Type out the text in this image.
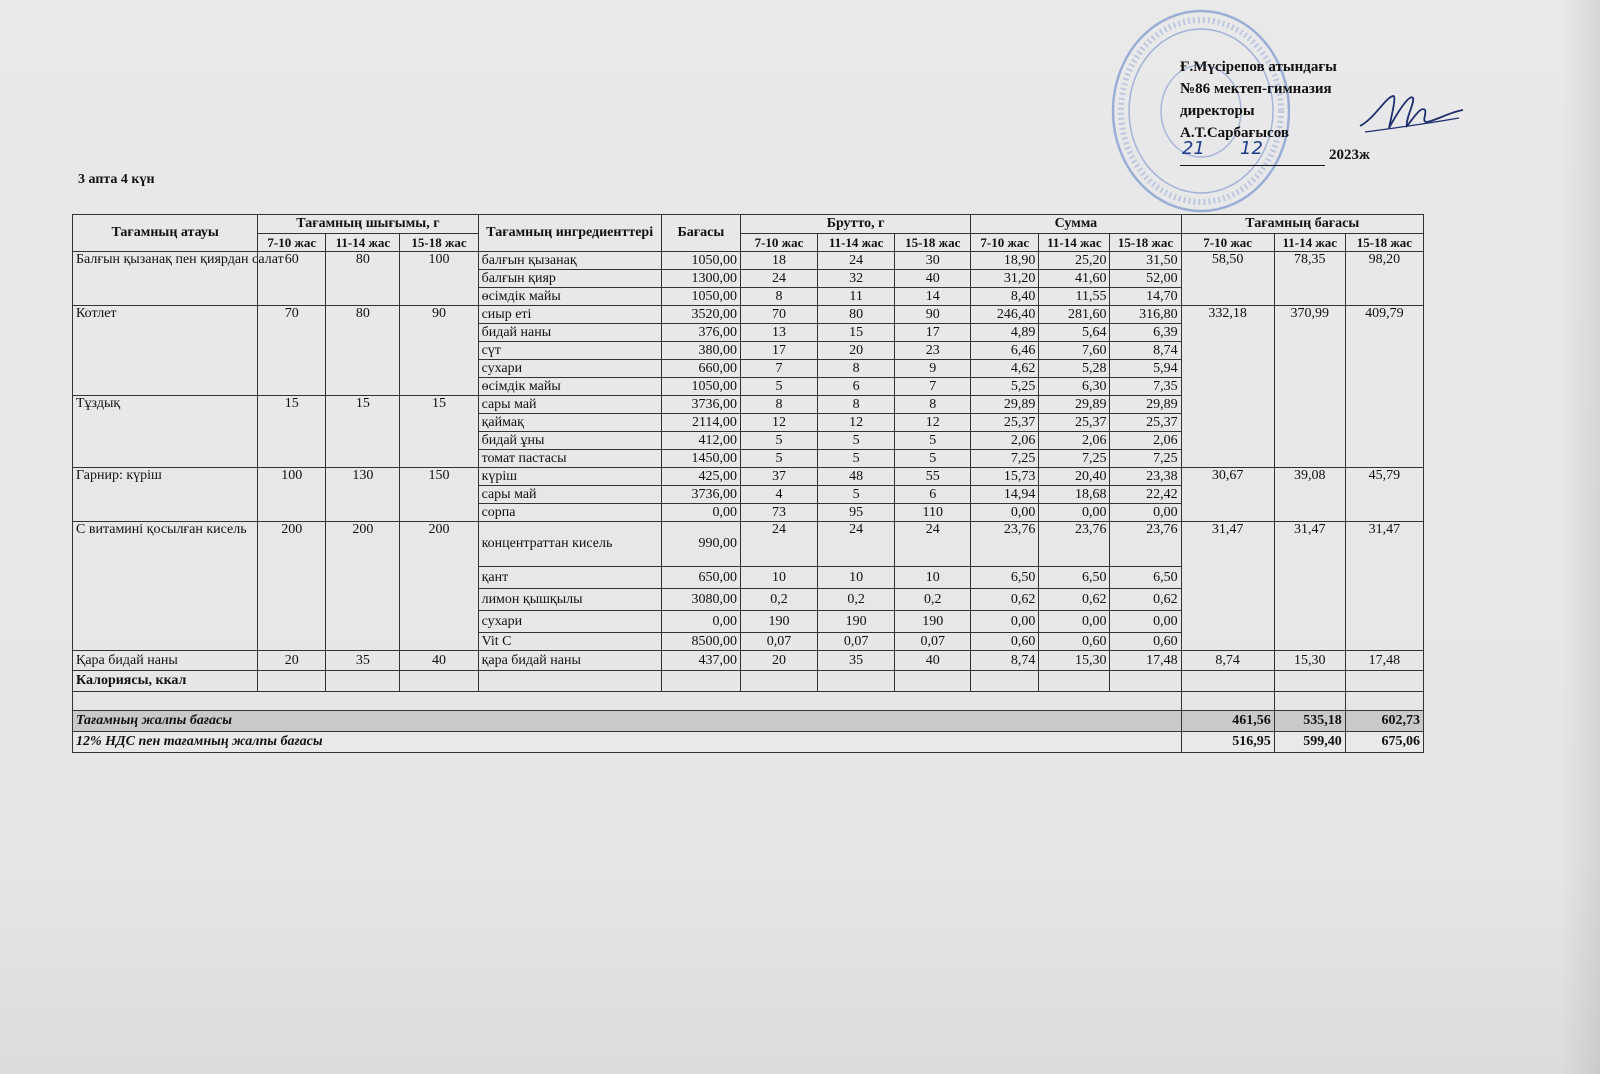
3 апта 4 күн
Ғ.Мүсірепов атындағы
№86 мектеп-гимназия
директоры
А.Т.Сарбағысов
2023ж
21 12
Тағамның атауы	Тағамның шығымы, г			Тағамның ингредиенттері	Бағасы	Брутто, г			Сумма			Тағамның бағасы		
	7-10 жас	11-14 жас	15-18 жас			7-10 жас	11-14 жас	15-18 жас	7-10 жас	11-14 жас	15-18 жас	7-10 жас	11-14 жас	15-18 жас
Балғын қызанақ пен қиярдан салат	60	80	100	балғын қызанақ	1050,00	18	24	30	18,90	25,20	31,50	58,50	78,35	98,20
				балғын қияр	1300,00	24	32	40	31,20	41,60	52,00			
				өсімдік майы	1050,00	8	11	14	8,40	11,55	14,70			
Котлет	70	80	90	сиыр еті	3520,00	70	80	90	246,40	281,60	316,80	332,18	370,99	409,79
				бидай наны	376,00	13	15	17	4,89	5,64	6,39			
				сүт	380,00	17	20	23	6,46	7,60	8,74			
				сухари	660,00	7	8	9	4,62	5,28	5,94			
				өсімдік майы	1050,00	5	6	7	5,25	6,30	7,35			
Тұздық	15	15	15	сары май	3736,00	8	8	8	29,89	29,89	29,89			
				қаймақ	2114,00	12	12	12	25,37	25,37	25,37			
				бидай ұны	412,00	5	5	5	2,06	2,06	2,06			
				томат пастасы	1450,00	5	5	5	7,25	7,25	7,25			
Гарнир: күріш	100	130	150	күріш	425,00	37	48	55	15,73	20,40	23,38	30,67	39,08	45,79
				сары май	3736,00	4	5	6	14,94	18,68	22,42			
				сорпа	0,00	73	95	110	0,00	0,00	0,00			
С витамині қосылған кисель	200	200	200	концентраттан кисель	990,00	24	24	24	23,76	23,76	23,76	31,47	31,47	31,47
				қант	650,00	10	10	10	6,50	6,50	6,50			
				лимон қышқылы	3080,00	0,2	0,2	0,2	0,62	0,62	0,62			
				сухари	0,00	190	190	190	0,00	0,00	0,00			
				Vit C	8500,00	0,07	0,07	0,07	0,60	0,60	0,60			
Қара бидай наны	20	35	40	қара бидай наны	437,00	20	35	40	8,74	15,30	17,48	8,74	15,30	17,48
Калориясы, ккал														

Тағамның жалпы бағасы												461,56	535,18	602,73
12% НДС пен тағамның жалпы бағасы												516,95	599,40	675,06
